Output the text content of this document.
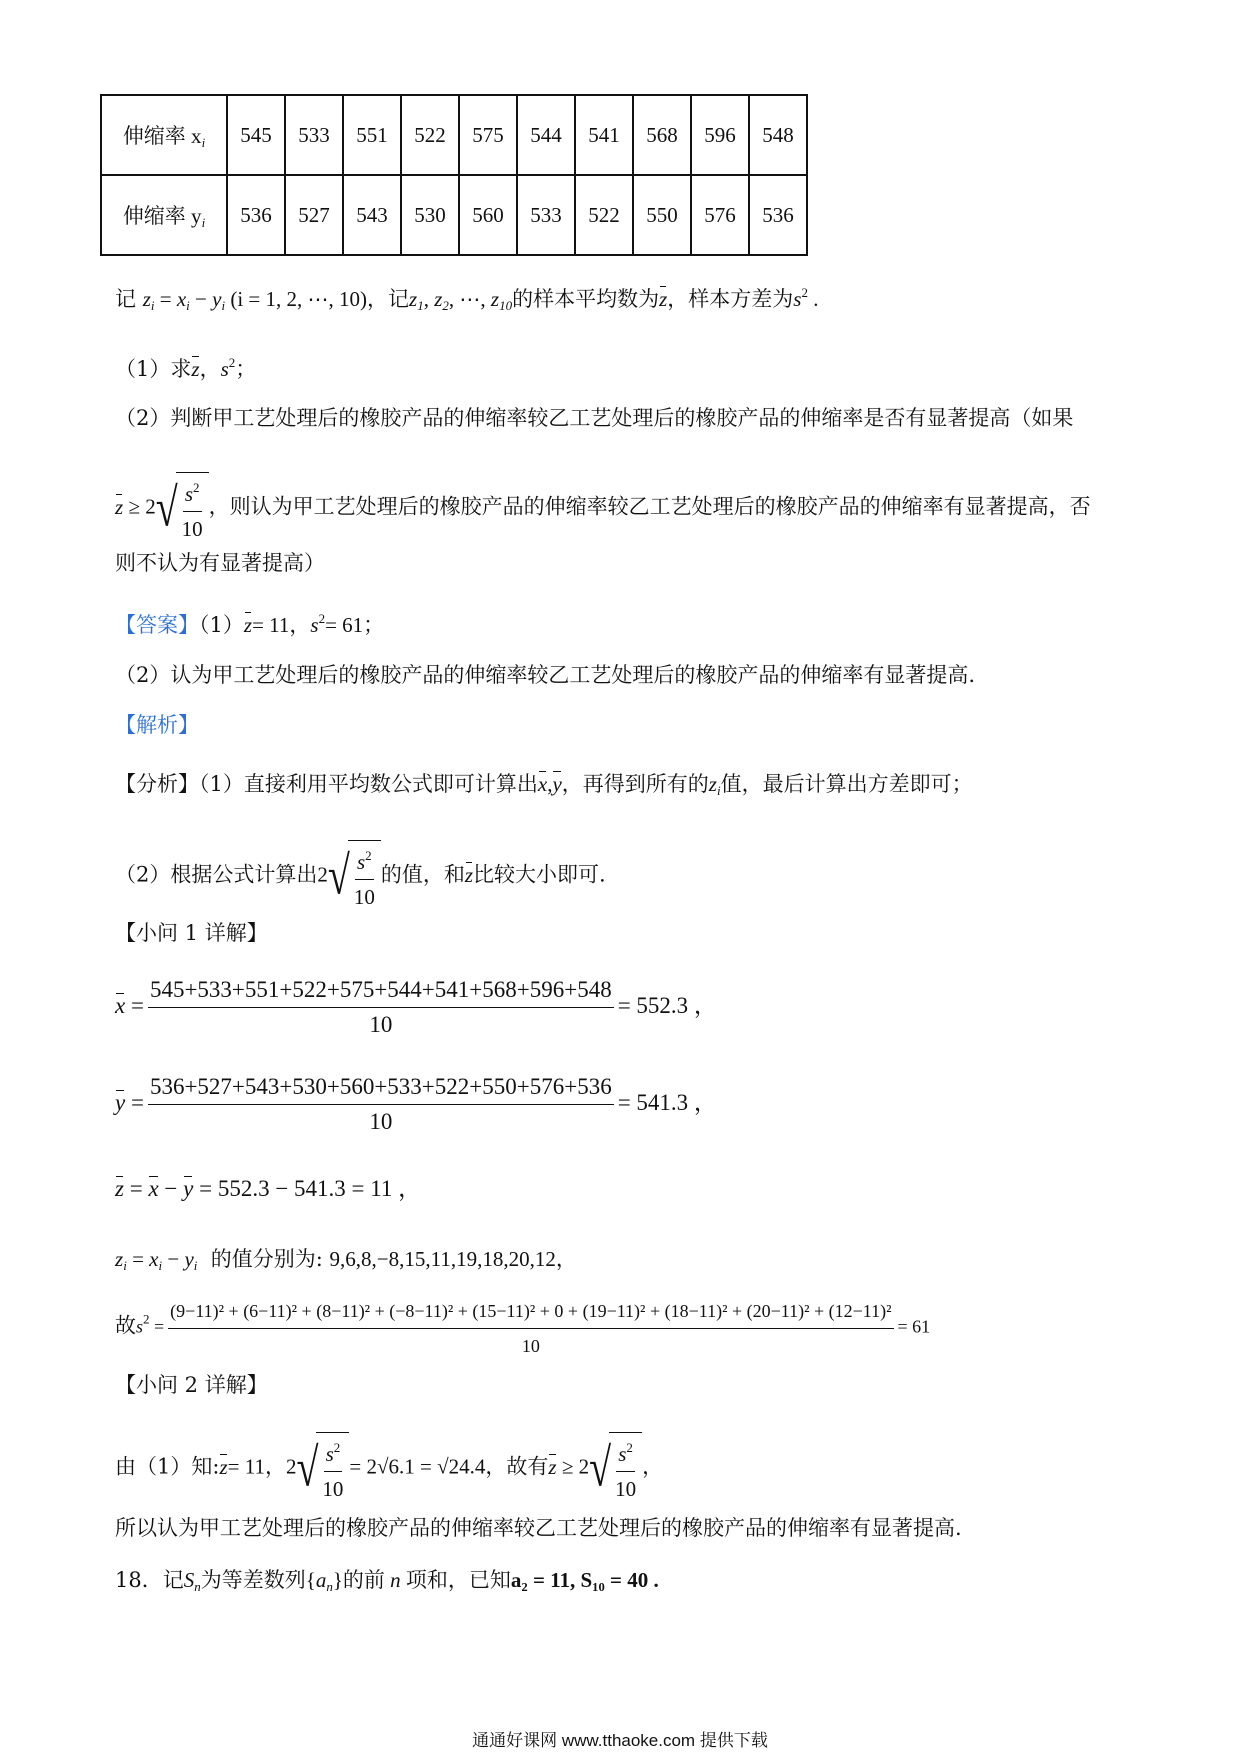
伸缩率 $x_i$	545	533	551	522	575	544	541	568	596	548
伸缩率 $y_i$	536	527	543	530	560	533	522	550	576	536
记 $z_i = x_i - y_i$ (i = 1, 2, ⋯, 10)，记$z_1$, $z_2$, ⋯, $z_{10}$的样本平均数为z，样本方差为$s^2$ .
（1）求z，$s^2$；
（2）判断甲工艺处理后的橡胶产品的伸缩率较乙工艺处理后的橡胶产品的伸缩率是否有显著提高（如果
z ≥ 2 √ $\frac{s^2}{10}$ ，则认为甲工艺处理后的橡胶产品的伸缩率较乙工艺处理后的橡胶产品的伸缩率有显著提高，否
则不认为有显著提高）
【答案】（1）z= 11，$s^2= 61$；
（2）认为甲工艺处理后的橡胶产品的伸缩率较乙工艺处理后的橡胶产品的伸缩率有显著提高.
【解析】
【分析】（1）直接利用平均数公式即可计算出x,y，再得到所有的$z_i$值，最后计算出方差即可；
（2）根据公式计算出2 √ $\frac{s^2}{10}$ 的值，和z比较大小即可.
【小问 1 详解】
$x = \frac{545+533+551+522+575+544+541+568+596+548}{10} = 552.3$ ，
$y = \frac{536+527+543+530+560+533+522+550+576+536}{10} = 541.3$ ，
z = x − y = 552.3 − 541.3 = 11 ，
$z_i = x_i - y_i$ 的值分别为: 9,6,8,−8,15,11,19,18,20,12，
故$s^2$ =
(9−11)² + (6−11)² + (8−11)² + (−8−11)² + (15−11)² + 0 + (19−11)² + (18−11)² + (20−11)² + (12−11)²
10
= 61
【小问 2 详解】
由（1）知:z= 11，2 √ $\frac{s^2}{10} = 2√6.1 = √24.4$，故有z ≥ 2 √ $\frac{s^2}{10}$ ，
所以认为甲工艺处理后的橡胶产品的伸缩率较乙工艺处理后的橡胶产品的伸缩率有显著提高.
18．记$S_n$为等差数列$\{a_n\}$的前 n 项和，已知a₂ = 11, S₁₀ = 40 .
通通好课网 www.tthaoke.com 提供下载
